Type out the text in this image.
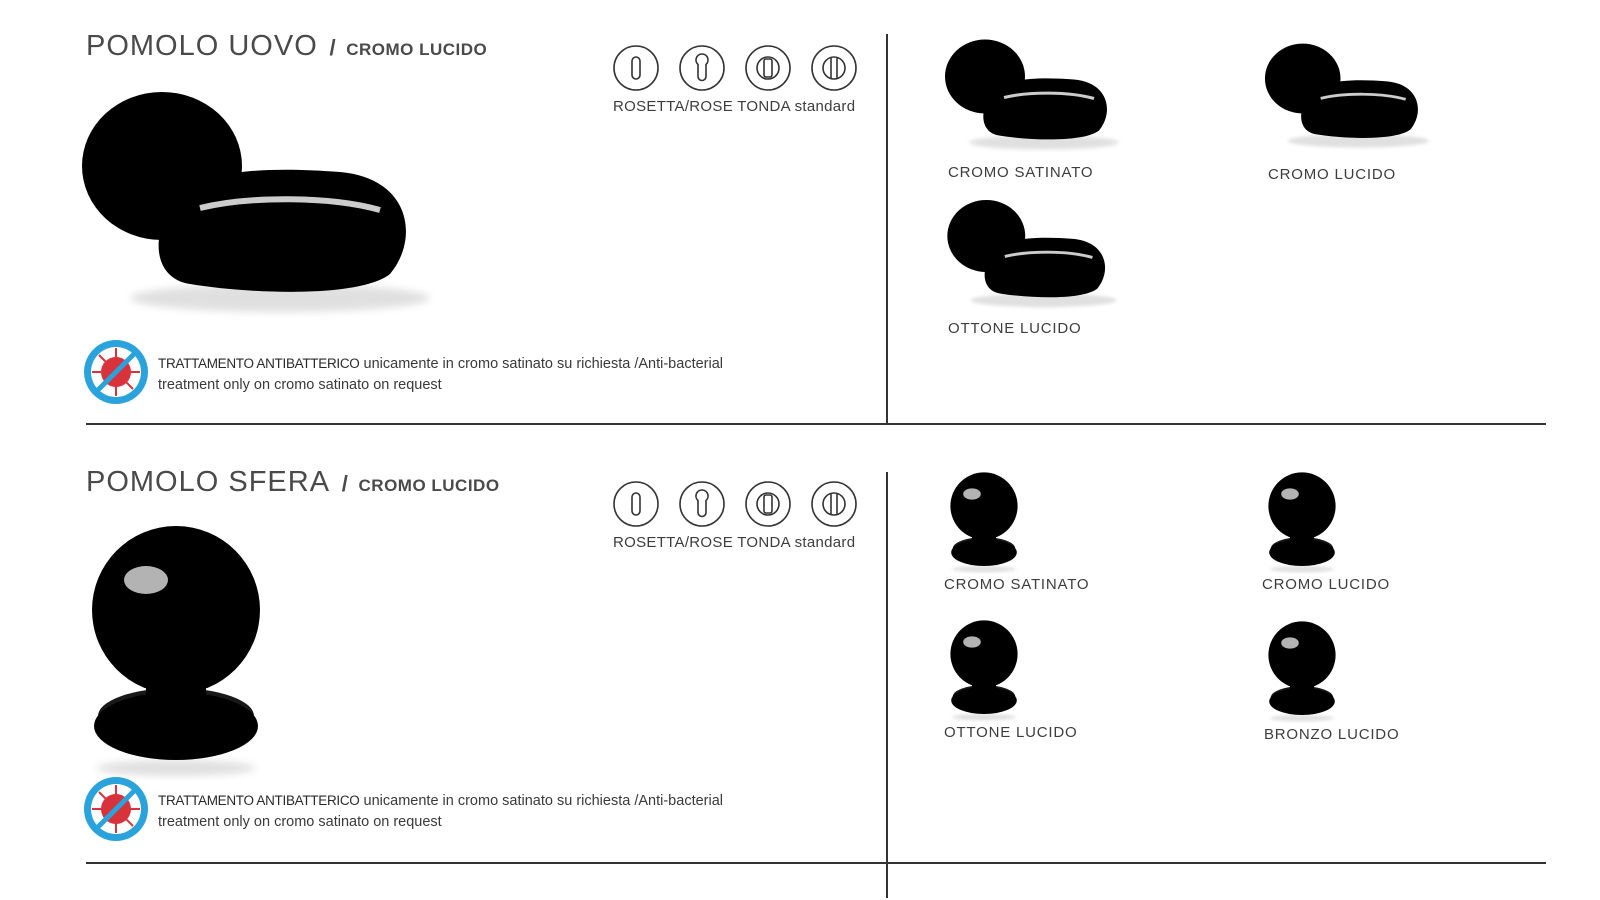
POMOLO UOVO / CROMO LUCIDO
ROSETTA/ROSE TONDA standard

TRATTAMENTO ANTIBATTERICO unicamente in cromo satinato su richiesta /Anti-bacterial treatment only on cromo satinato on request

CROMO SATINATO	CROMO LUCIDO
OTTONE LUCIDO
POMOLO SFERA / CROMO LUCIDO
ROSETTA/ROSE TONDA standard

TRATTAMENTO ANTIBATTERICO unicamente in cromo satinato su richiesta /Anti-bacterial treatment only on cromo satinato on request

CROMO SATINATO	CROMO LUCIDO
OTTONE LUCIDO	BRONZO LUCIDO
